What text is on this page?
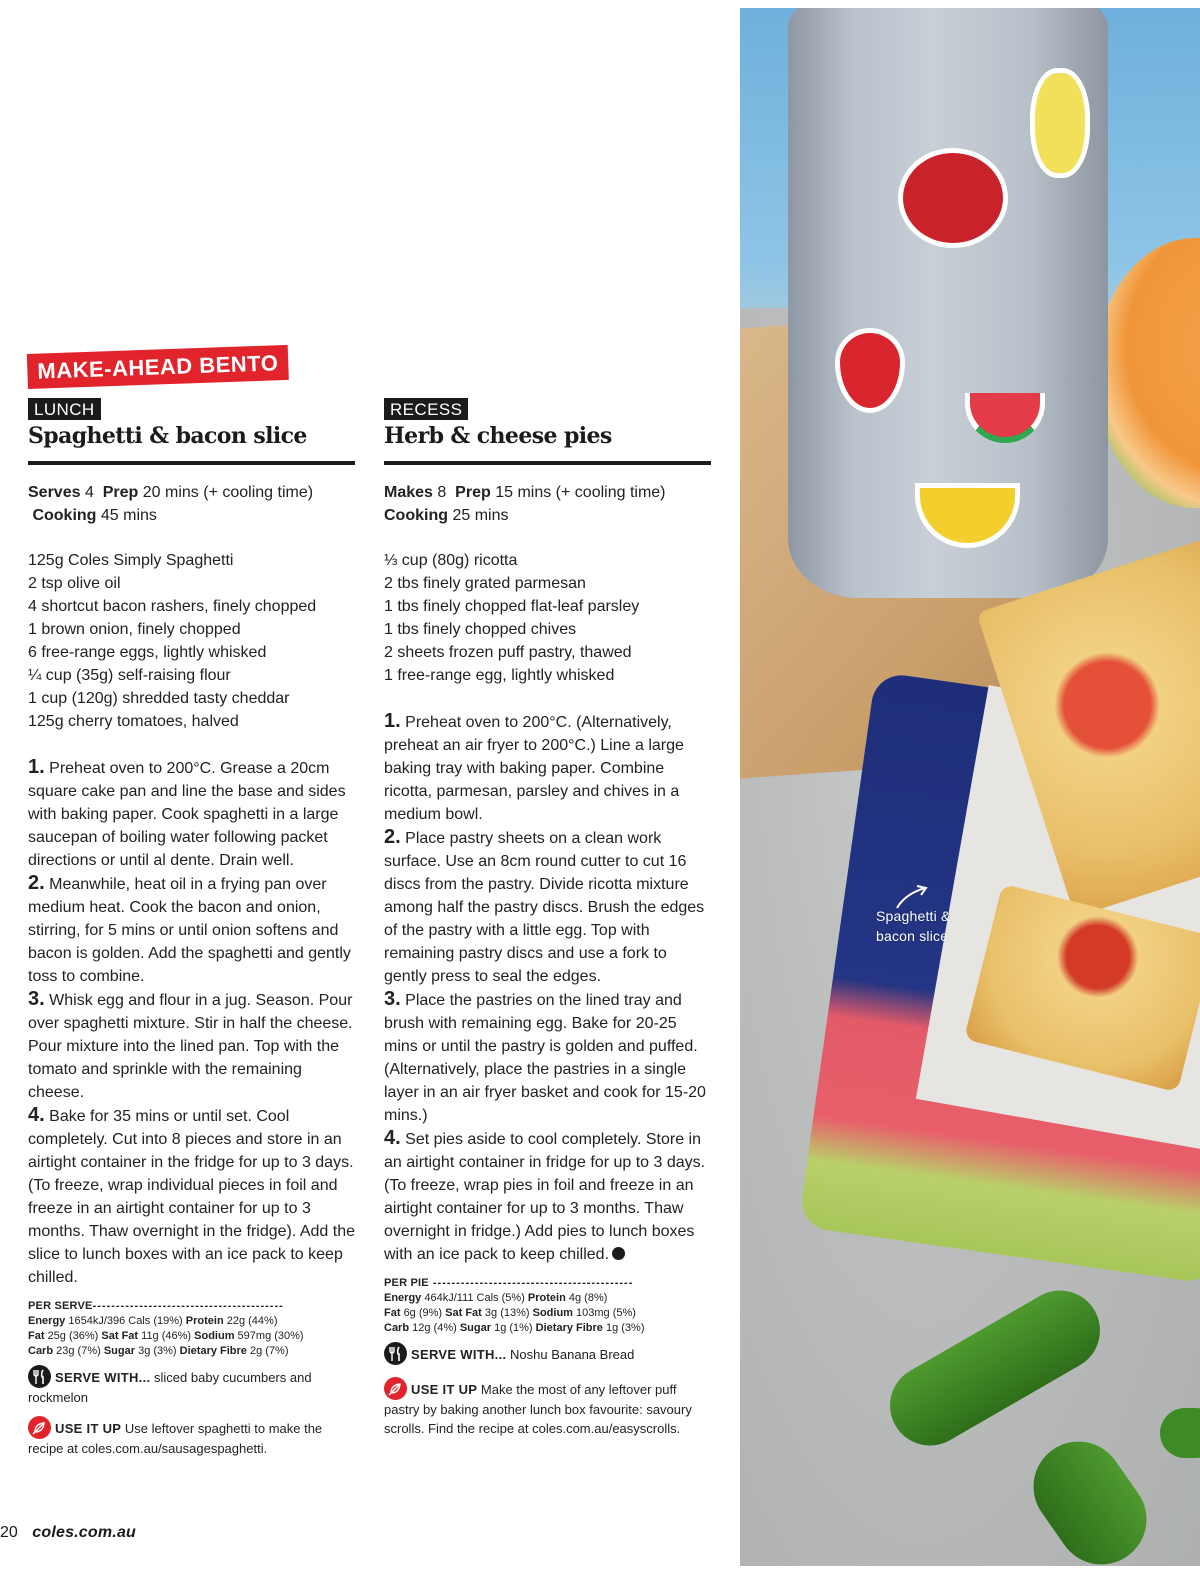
Spaghetti &
bacon slice
MAKE-AHEAD BENTO
LUNCH
Spaghetti & bacon slice
Serves 4 Prep 20 mins (+ cooling time)  Cooking 45 mins
125g Coles Simply Spaghetti
2 tsp olive oil
4 shortcut bacon rashers, finely chopped
1 brown onion, finely chopped
6 free-range eggs, lightly whisked
¼ cup (35g) self-raising flour
1 cup (120g) shredded tasty cheddar
125g cherry tomatoes, halved

1. Preheat oven to 200°C. Grease a 20cm square cake pan and line the base and sides with baking paper. Cook spaghetti in a large saucepan of boiling water following packet directions or until al dente. Drain well.

2. Meanwhile, heat oil in a frying pan over medium heat. Cook the bacon and onion, stirring, for 5 mins or until onion softens and bacon is golden. Add the spaghetti and gently toss to combine.

3. Whisk egg and flour in a jug. Season. Pour over spaghetti mixture. Stir in half the cheese. Pour mixture into the lined pan. Top with the tomato and sprinkle with the remaining cheese.

4. Bake for 35 mins or until set. Cool completely. Cut into 8 pieces and store in an airtight container in the fridge for up to 3 days. (To freeze, wrap individual pieces in foil and freeze in an airtight container for up to 3 months. Thaw overnight in the fridge). Add the slice to lunch boxes with an ice pack to keep chilled.

PER SERVE-----------------------------------------
Energy 1654kJ/396 Cals (19%) Protein 22g (44%)
Fat 25g (36%) Sat Fat 11g (46%) Sodium 597mg (30%)
Carb 23g (7%) Sugar 3g (3%) Dietary Fibre 2g (7%)
SERVE WITH... sliced baby cucumbers and rockmelon
USE IT UP Use leftover spaghetti to make the recipe at coles.com.au/sausagespaghetti.
RECESS
Herb & cheese pies
Makes 8 Prep 15 mins (+ cooling time)
Cooking 25 mins
⅓ cup (80g) ricotta
2 tbs finely grated parmesan
1 tbs finely chopped flat-leaf parsley
1 tbs finely chopped chives
2 sheets frozen puff pastry, thawed
1 free-range egg, lightly whisked

1. Preheat oven to 200°C. (Alternatively, preheat an air fryer to 200°C.) Line a large baking tray with baking paper. Combine ricotta, parmesan, parsley and chives in a medium bowl.

2. Place pastry sheets on a clean work surface. Use an 8cm round cutter to cut 16 discs from the pastry. Divide ricotta mixture among half the pastry discs. Brush the edges of the pastry with a little egg. Top with remaining pastry discs and use a fork to gently press to seal the edges.

3. Place the pastries on the lined tray and brush with remaining egg. Bake for 20-25 mins or until the pastry is golden and puffed. (Alternatively, place the pastries in a single layer in an air fryer basket and cook for 15-20 mins.)

4. Set pies aside to cool completely. Store in an airtight container in fridge for up to 3 days. (To freeze, wrap pies in foil and freeze in an airtight container for up to 3 months. Thaw overnight in fridge.) Add pies to lunch boxes with an ice pack to keep chilled.

PER PIE -------------------------------------------
Energy 464kJ/111 Cals (5%) Protein 4g (8%)
Fat 6g (9%) Sat Fat 3g (13%) Sodium 103mg (5%)
Carb 12g (4%) Sugar 1g (1%) Dietary Fibre 1g (3%)
SERVE WITH... Noshu Banana Bread
USE IT UP Make the most of any leftover puff pastry by baking another lunch box favourite: savoury scrolls. Find the recipe at coles.com.au/easyscrolls.
20 coles.com.au
